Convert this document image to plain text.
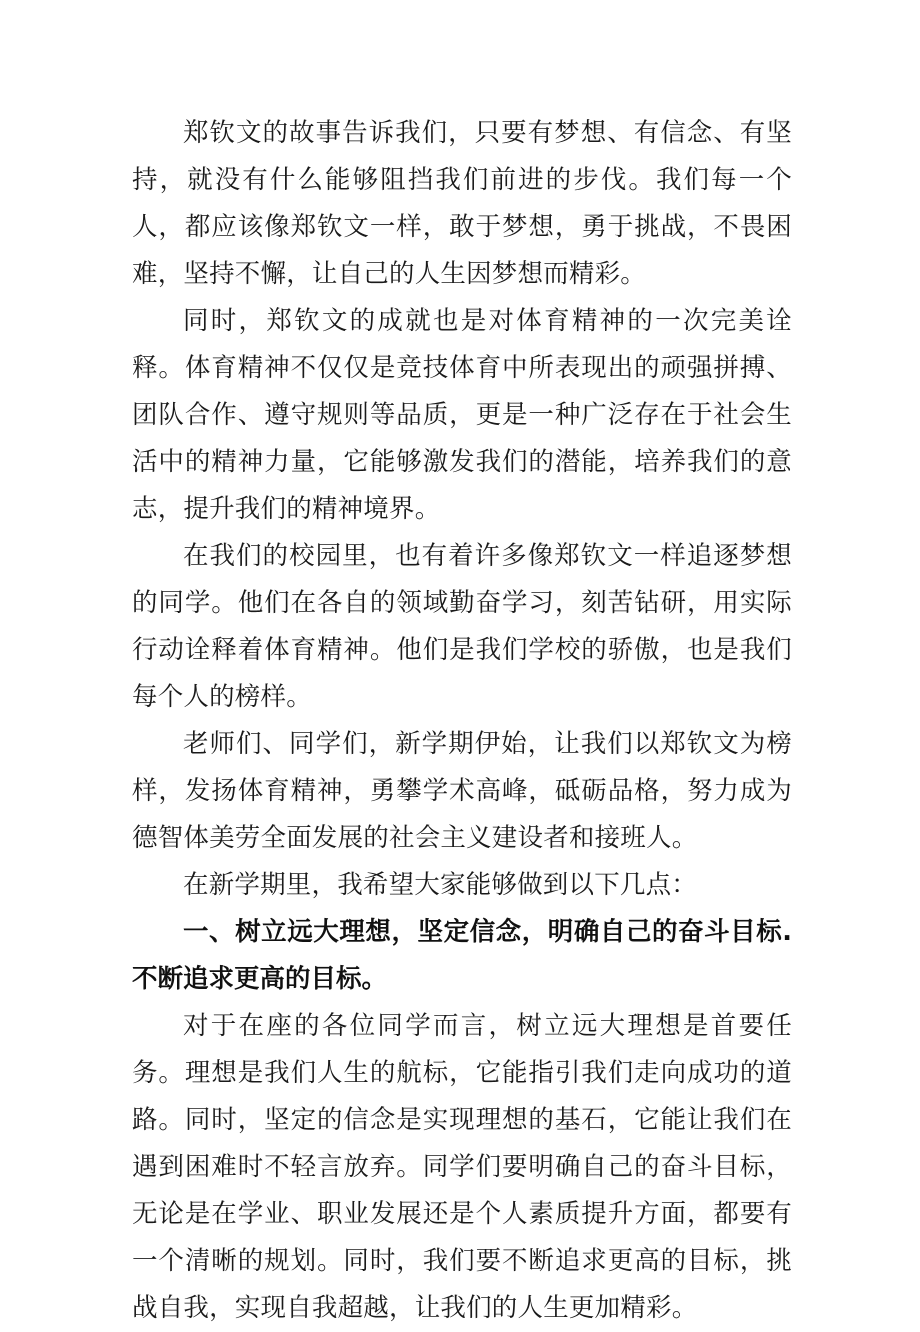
郑钦文的故事告诉我们，只要有梦想、有信念、有坚持，就没有什么能够阻挡我们前进的步伐。我们每一个人，都应该像郑钦文一样，敢于梦想，勇于挑战，不畏困难，坚持不懈，让自己的人生因梦想而精彩。

同时，郑钦文的成就也是对体育精神的一次完美诠释。体育精神不仅仅是竞技体育中所表现出的顽强拼搏、团队合作、遵守规则等品质，更是一种广泛存在于社会生活中的精神力量，它能够激发我们的潜能，培养我们的意志，提升我们的精神境界。

在我们的校园里，也有着许多像郑钦文一样追逐梦想的同学。他们在各自的领域勤奋学习，刻苦钻研，用实际行动诠释着体育精神。他们是我们学校的骄傲，也是我们每个人的榜样。

老师们、同学们，新学期伊始，让我们以郑钦文为榜样，发扬体育精神，勇攀学术高峰，砥砺品格，努力成为德智体美劳全面发展的社会主义建设者和接班人。

在新学期里，我希望大家能够做到以下几点：

一、树立远大理想，坚定信念，明确自己的奋斗目标.不断追求更高的目标。

对于在座的各位同学而言，树立远大理想是首要任务。理想是我们人生的航标，它能指引我们走向成功的道路。同时，坚定的信念是实现理想的基石，它能让我们在遇到困难时不轻言放弃。同学们要明确自己的奋斗目标，无论是在学业、职业发展还是个人素质提升方面，都要有一个清晰的规划。同时，我们要不断追求更高的目标，挑战自我，实现自我超越，让我们的人生更加精彩。
